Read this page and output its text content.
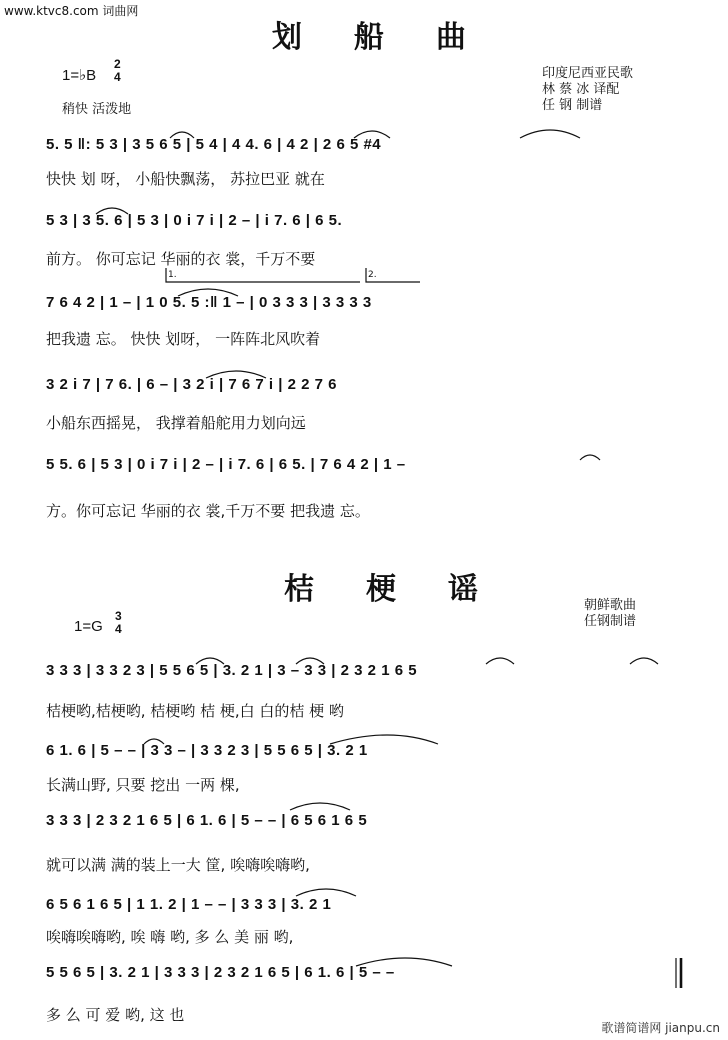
www.ktvc8.com 词曲网
划船曲
1=♭B
2
4
稍快 活泼地
印度尼西亚民歌
林 蔡 冰 译配
任 钢 制谱
5. 5 ‖: 5 3 | 3 5 6 5 | 5 4 | 4 4. 6 | 4 2 | 2 6 5 #4
快快 划 呀， 小船快飘荡， 苏拉巴亚 就在
5 3 | 3 5. 6 | 5 3 | 0 i 7 i | 2 – | i 7. 6 | 6 5.
前方。 你可忘记 华丽的衣 裳，千万不要
1.	2.
7 6 4 2 | 1 – | 1 0 5. 5 :‖ 1 – | 0 3 3 3 | 3 3 3 3
把我遗 忘。 快快 划呀， 一阵阵北风吹着
3 2 i 7 | 7 6. | 6 – | 3 2 i | 7 6 7 i | 2 2 7 6
小船东西摇晃， 我撑着船舵用力划向远
5 5. 6 | 5 3 | 0 i 7 i | 2 – | i 7. 6 | 6 5. | 7 6 4 2 | 1 –
方。你可忘记 华丽的衣 裳,千万不要 把我遗 忘。
桔梗谣
1=G
3
4
朝鲜歌曲
任钢制谱
3 3 3 | 3 3 2 3 | 5 5 6 5 | 3. 2 1 | 3 – 3 3 | 2 3 2 1 6 5
桔梗哟,桔梗哟, 桔梗哟 桔 梗,白 白的桔 梗 哟
6 1. 6 | 5 – – | 3 3 – | 3 3 2 3 | 5 5 6 5 | 3. 2 1
长满山野, 只要 挖出 一两 棵,
3 3 3 | 2 3 2 1 6 5 | 6 1. 6 | 5 – – | 6 5 6 1 6 5
就可以满 满的装上一大 筐, 唉嗨唉嗨哟,
6 5 6 1 6 5 | 1 1. 2 | 1 – – | 3 3 3 | 3. 2 1
唉嗨唉嗨哟, 唉 嗨 哟, 多 么 美 丽 哟,
5 5 6 5 | 3. 2 1 | 3 3 3 | 2 3 2 1 6 5 | 6 1. 6 | 5 – –
多 么 可 爱 哟, 这 也
歌谱简谱网 jianpu.cn
